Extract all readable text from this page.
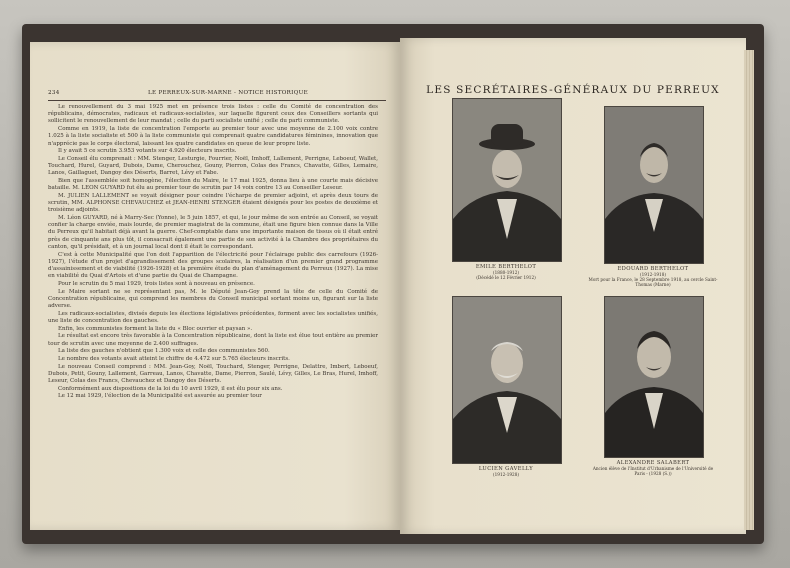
234	LE PERREUX-SUR-MARNE - NOTICE HISTORIQUE

Le renouvellement du 3 mai 1925 met en présence trois listes : celle du Comité de concentration des républicains, démocrates, radicaux et radicaux-socialistes, sur laquelle figurent ceux des Conseillers sortants qui sollicitent le renouvellement de leur mandat ; celle du parti socialiste unifié ; celle du parti communiste.

Comme en 1919, la liste de concentration l'emporte au premier tour avec une moyenne de 2.100 voix contre 1.025 à la liste socialiste et 500 à la liste communiste qui comprenait quatre candidatures féminines, innovation que n'apprécie pas le corps électoral, laissant les quatre candidates en queue de leur propre liste.

Il y avait 5 ce scrutin 3.953 votants sur 4.920 électeurs inscrits.

Le Conseil élu comprenait : MM. Stenger, Lesturgie, Fourrier, Noël, Imhoff, Lallement, Perrigne, Leboeuf, Wallet, Touchard, Hurel, Guyard, Dubois, Dame, Cherouchez, Gouny, Pierron, Colas des Francs, Chavatte, Gilles, Lemaire, Lanos, Gaillaguet, Dangoy des Déserts, Barret, Lévy et Fabe.

Bien que l'assemblée soit homogène, l'élection du Maire, le 17 mai 1925, donna lieu à une courte mais décisive bataille. M. LEON GUYARD fut élu au premier tour de scrutin par 14 voix contre 13 au Conseiller Leseur.

M. JULIEN LALLEMENT se voyait désigner pour ceindre l'écharpe de premier adjoint, et après deux tours de scrutin, MM. ALPHONSE CHEVAUCHEZ et JEAN-HENRI STENGER étaient désignés pour les postes de deuxième et troisième adjoints.

M. Léon GUYARD, né à Marry-Sec (Yonne), le 5 juin 1857, et qui, le jour même de son entrée au Conseil, se voyait confier la charge enviée, mais lourde, de premier magistrat de la commune, était une figure bien connue dans la Ville du Perreux qu'il habitait déjà avant la guerre. Chef-comptable dans une importante maison de tissus où il était entré près de cinquante ans plus tôt, il consacrait également une partie de son activité à la Chambre des propriétaires du canton, qu'il présidait, et à un journal local dont il était le correspondant.

C'est à cette Municipalité que l'on doit l'apparition de l'électricité pour l'éclairage public des carrefours (1926-1927), l'étude d'un projet d'agrandissement des groupes scolaires, la réalisation d'un premier grand programme d'assainissement et de viabilité (1926-1928) et la première étude du plan d'aménagement du Perreux (1927). La mise en viabilité du Quai d'Artois et d'une partie du Quai de Champagne.

Pour le scrutin du 5 mai 1929, trois listes sont à nouveau en présence.

Le Maire sortant ne se représentant pas, M. le Député Jean-Goy prend la tête de celle du Comité de Concentration républicaine, qui comprend les membres du Conseil municipal sortant moins un, figurant sur la liste adverse.

Les radicaux-socialistes, divisés depuis les élections législatives précédentes, forment avec les socialistes unifiés, une liste de concentration des gauches.

Enfin, les communistes forment la liste du « Bloc ouvrier et paysan ».

Le résultat est encore très favorable à la Concentration républicaine, dont la liste est élue tout entière au premier tour de scrutin avec une moyenne de 2.400 suffrages.

La liste des gauches n'obtient que 1.300 voix et celle des communistes 560.

Le nombre des votants avait atteint le chiffre de 4.472 sur 5.765 électeurs inscrits.

Le nouveau Conseil comprend : MM. Jean-Goy, Noël, Touchard, Stenger, Perrigne, Delattre, Imbert, Leboeuf, Dubois, Petit, Gouny, Lallement, Garreau, Lanos, Chavatte, Dame, Pierron, Saulé, Lévy, Gilles, Le Bras, Hurel, Imhoff, Leseur, Colas des Francs, Chevauchez et Dangoy des Déserts.

Conformément aux dispositions de la loi du 10 avril 1929, il est élu pour six ans.

Le 12 mai 1929, l'élection de la Municipalité est assurée au premier tour

LES SECRÉTAIRES-GÉNÉRAUX DU PERREUX
EMILE BERTHELOT
(1880-1912)
(Décédé le 12 Février 1912)
EDOUARD BERTHELOT
(1912-1918)
Mort pour la France, le 28 Septembre 1918, au cercle Saint-Thomas (Marne)
LUCIEN GAVELLY
(1912-1928)
ALEXANDRE SALABERT
Ancien élève de l'Institut d'Urbanisme de l'Université de Paris - (1928 (S.))
